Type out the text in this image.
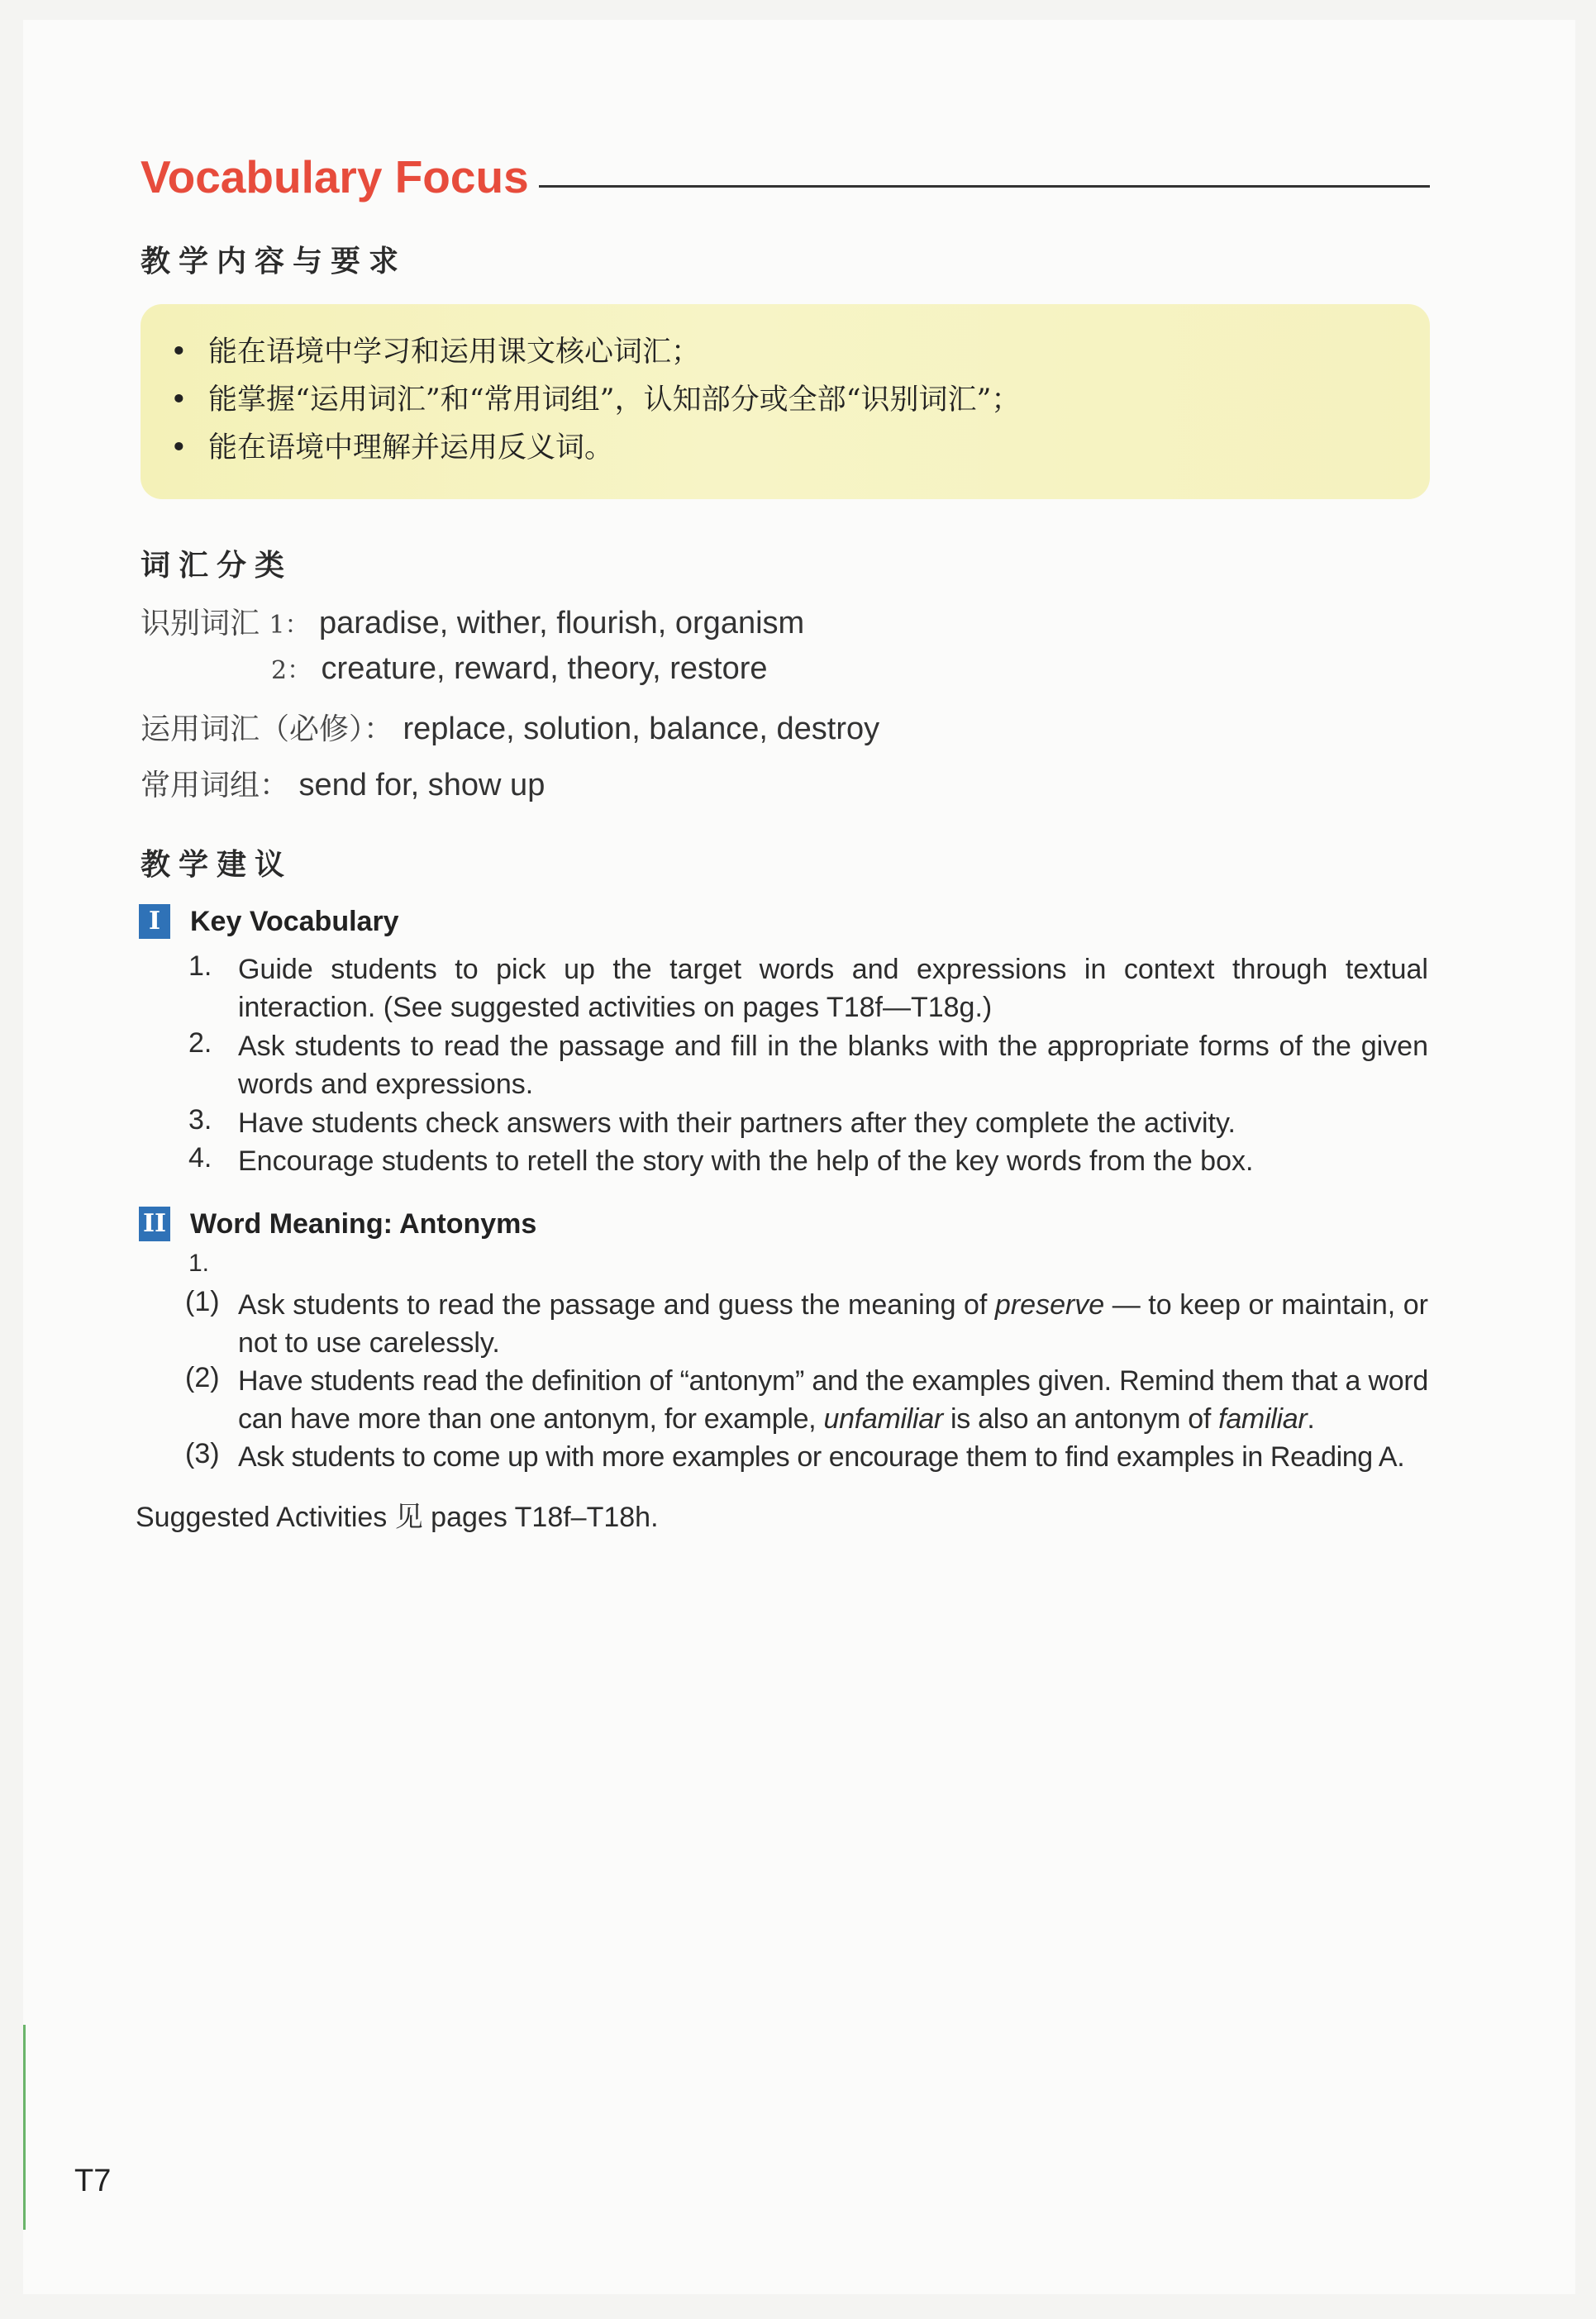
Vocabulary Focus
教学内容与要求
• 能在语境中学习和运用课文核心词汇；
• 能掌握“运用词汇”和“常用词组”，认知部分或全部“识别词汇”；
• 能在语境中理解并运用反义词。
词汇分类
识别词汇 1： paradise, wither, flourish, organism
2： creature, reward, theory, restore
运用词汇（必修）： replace, solution, balance, destroy
常用词组： send for, show up
教学建议
I	Key Vocabulary
1. Guide students to pick up the target words and expressions in context through textual interaction. (See suggested activities on pages T18f—T18g.)
2. Ask students to read the passage and fill in the blanks with the appropriate forms of the given words and expressions.
3. Have students check answers with their partners after they complete the activity.
4. Encourage students to retell the story with the help of the key words from the box.
II Word Meaning: Antonyms
1.
(1) Ask students to read the passage and guess the meaning of preserve — to keep or maintain, or not to use carelessly.
(2) Have students read the definition of “antonym” and the examples given. Remind them that a word can have more than one antonym, for example, unfamiliar is also an antonym of familiar.
(3) Ask students to come up with more examples or encourage them to find examples in Reading A.
Suggested Activities 见 pages T18f–T18h.
T7
